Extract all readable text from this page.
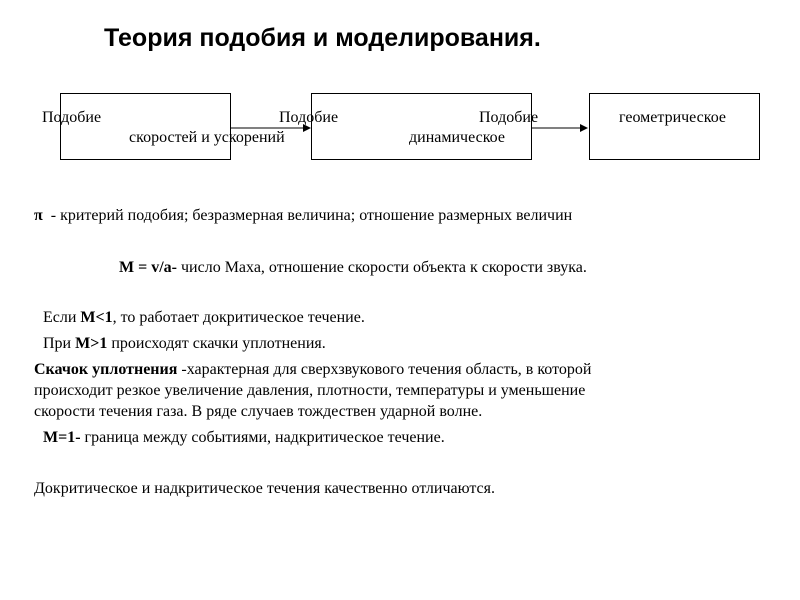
Теория подобия и моделирования.
Подобие
скоростей и ускорений
Подобие	Подобие
динамическое
геометрическое
π  - критерий подобия; безразмерная величина; отношение размерных величин
M = v/a- число Маха, отношение скорости объекта к скорости звука.
Если M<1, то работает докритическое течение.
При M>1 происходят скачки уплотнения.
Скачок уплотнения -характерная для сверхзвукового течения область, в которой
происходит резкое увеличение давления, плотности, температуры и уменьшение
скорости течения газа. В ряде случаев тождествен ударной волне.
M=1- граница между событиями, надкритическое течение.
Докритическое и надкритическое течения качественно отличаются.
